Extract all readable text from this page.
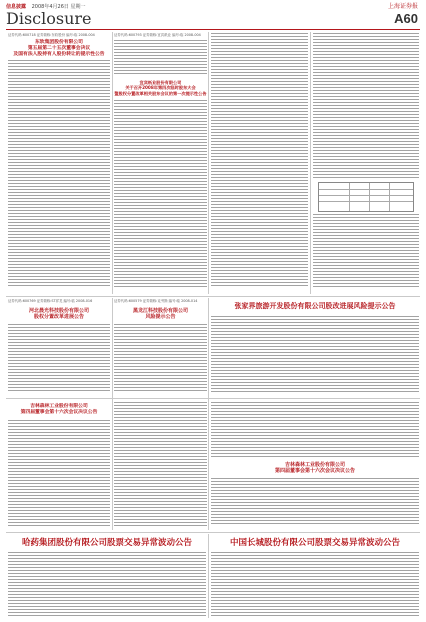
信息披露 2008年4月26日 星期一	上海证券报
Disclosure	A60
证券代码:600718 证券简称:东软股份 编号:临 2008-004
东软集团股份有限公司
第五届第二十五次董事会决议
及国有法人股持有人股份转让的提示性公告
证券代码:600793 证券简称:宜宾纸业 编号:临 2008-004
宜宾纸业股份有限公司
关于召开2008年第四次临时股东大会
暨股权分置改革相关股东会议的第一次提示性公告
证券代码:600769 证券简称:ST祥龙 编号:临 2008-016
河北晨光科技股份有限公司
股权分置改革进展公告
证券代码:600579 证券简称:克劳斯 编号:临 2008-014
黑龙江科技股份有限公司
风险提示公告
张家界旅游开发股份有限公司股改进展风险提示公告
吉林森林工业股份有限公司
第四届董事会第十六次会议决议公告
吉林森林工业股份有限公司
第四届董事会第十六次会议决议公告
哈药集团股份有限公司股票交易异常波动公告	中国长城股份有限公司股票交易异常波动公告
